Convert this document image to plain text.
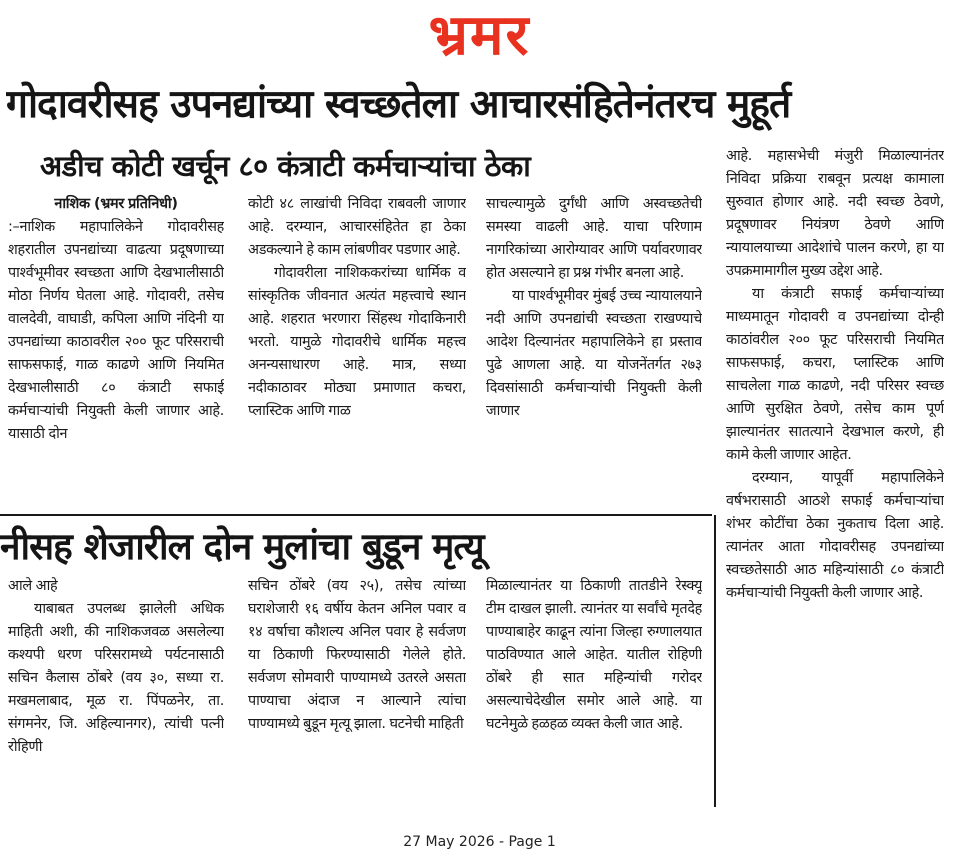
भ्रमर
गोदावरीसह उपनद्यांच्या स्वच्छतेला आचारसंहितेनंतरच मुहूर्त
अडीच कोटी खर्चून ८० कंत्राटी कर्मचाऱ्यांचा ठेका

नाशिक (भ्रमर प्रतिनिधी)

:–नाशिक महापालिकेने गोदावरीसह शहरातील उपनद्यांच्या वाढत्या प्रदूषणाच्या पार्श्वभूमीवर स्वच्छता आणि देखभालीसाठी मोठा निर्णय घेतला आहे. गोदावरी, तसेच वालदेवी, वाघाडी, कपिला आणि नंदिनी या उपनद्यांच्या काठावरील २०० फूट परिसराची साफसफाई, गाळ काढणे आणि नियमित देखभालीसाठी ८० कंत्राटी सफाई कर्मचाऱ्यांची नियुक्ती केली जाणार आहे. यासाठी दोन

कोटी ४८ लाखांची निविदा राबवली जाणार आहे. दरम्यान, आचारसंहितेत हा ठेका अडकल्याने हे काम लांबणीवर पडणार आहे.

गोदावरीला नाशिककरांच्या धार्मिक व सांस्कृतिक जीवनात अत्यंत महत्त्वाचे स्थान आहे. शहरात भरणारा सिंहस्थ गोदाकिनारी भरतो. यामुळे गोदावरीचे धार्मिक महत्त्व अनन्यसाधारण आहे. मात्र, सध्या नदीकाठावर मोठ्या प्रमाणात कचरा, प्लास्टिक आणि गाळ

साचल्यामुळे दुर्गंधी आणि अस्वच्छतेची समस्या वाढली आहे. याचा परिणाम नागरिकांच्या आरोग्यावर आणि पर्यावरणावर होत असल्याने हा प्रश्न गंभीर बनला आहे.

या पार्श्वभूमीवर मुंबई उच्च न्यायालयाने नदी आणि उपनद्यांची स्वच्छता राखण्याचे आदेश दिल्यानंतर महापालिकेने हा प्रस्ताव पुढे आणला आहे. या योजनेंतर्गत २७३ दिवसांसाठी कर्मचाऱ्यांची नियुक्ती केली जाणार

आहे. महासभेची मंजुरी मिळाल्यानंतर निविदा प्रक्रिया राबवून प्रत्यक्ष कामाला सुरुवात होणार आहे. नदी स्वच्छ ठेवणे, प्रदूषणावर नियंत्रण ठेवणे आणि न्यायालयाच्या आदेशांचे पालन करणे, हा या उपक्रमामागील मुख्य उद्देश आहे.

या कंत्राटी सफाई कर्मचाऱ्यांच्या माध्यमातून गोदावरी व उपनद्यांच्या दोन्ही काठांवरील २०० फूट परिसराची नियमित साफसफाई, कचरा, प्लास्टिक आणि साचलेला गाळ काढणे, नदी परिसर स्वच्छ आणि सुरक्षित ठेवणे, तसेच काम पूर्ण झाल्यानंतर सातत्याने देखभाल करणे, ही कामे केली जाणार आहेत.

दरम्यान, यापूर्वी महापालिकेने वर्षभरासाठी आठशे सफाई कर्मचाऱ्यांचा शंभर कोटींचा ठेका नुकताच दिला आहे. त्यानंतर आता गोदावरीसह उपनद्यांच्या स्वच्छतेसाठी आठ महिन्यांसाठी ८० कंत्राटी कर्मचाऱ्यांची नियुक्ती केली जाणार आहे.

नीसह शेजारील दोन मुलांचा बुडून मृत्यू

आले आहे

याबाबत उपलब्ध झालेली अधिक माहिती अशी, की नाशिकजवळ असलेल्या कश्यपी धरण परिसरामध्ये पर्यटनासाठी सचिन कैलास ठोंबरे (वय ३०, सध्या रा. मखमलाबाद, मूळ रा. पिंपळनेर, ता. संगमनेर, जि. अहिल्यानगर), त्यांची पत्नी रोहिणी

सचिन ठोंबरे (वय २५), तसेच त्यांच्या घराशेजारी १६ वर्षीय केतन अनिल पवार व १४ वर्षाचा कौशल्य अनिल पवार हे सर्वजण या ठिकाणी फिरण्यासाठी गेलेले होते. सर्वजण सोमवारी पाण्यामध्ये उतरले असता पाण्याचा अंदाज न आल्याने त्यांचा पाण्यामध्ये बुडून मृत्यू झाला. घटनेची माहिती

मिळाल्यानंतर या ठिकाणी तातडीने रेस्क्यू टीम दाखल झाली. त्यानंतर या सर्वांचे मृतदेह पाण्याबाहेर काढून त्यांना जिल्हा रुग्णालयात पाठविण्यात आले आहेत. यातील रोहिणी ठोंबरे ही सात महिन्यांची गरोदर असल्याचेदेखील समोर आले आहे. या घटनेमुळे हळहळ व्यक्त केली जात आहे.

27 May 2026 - Page 1
